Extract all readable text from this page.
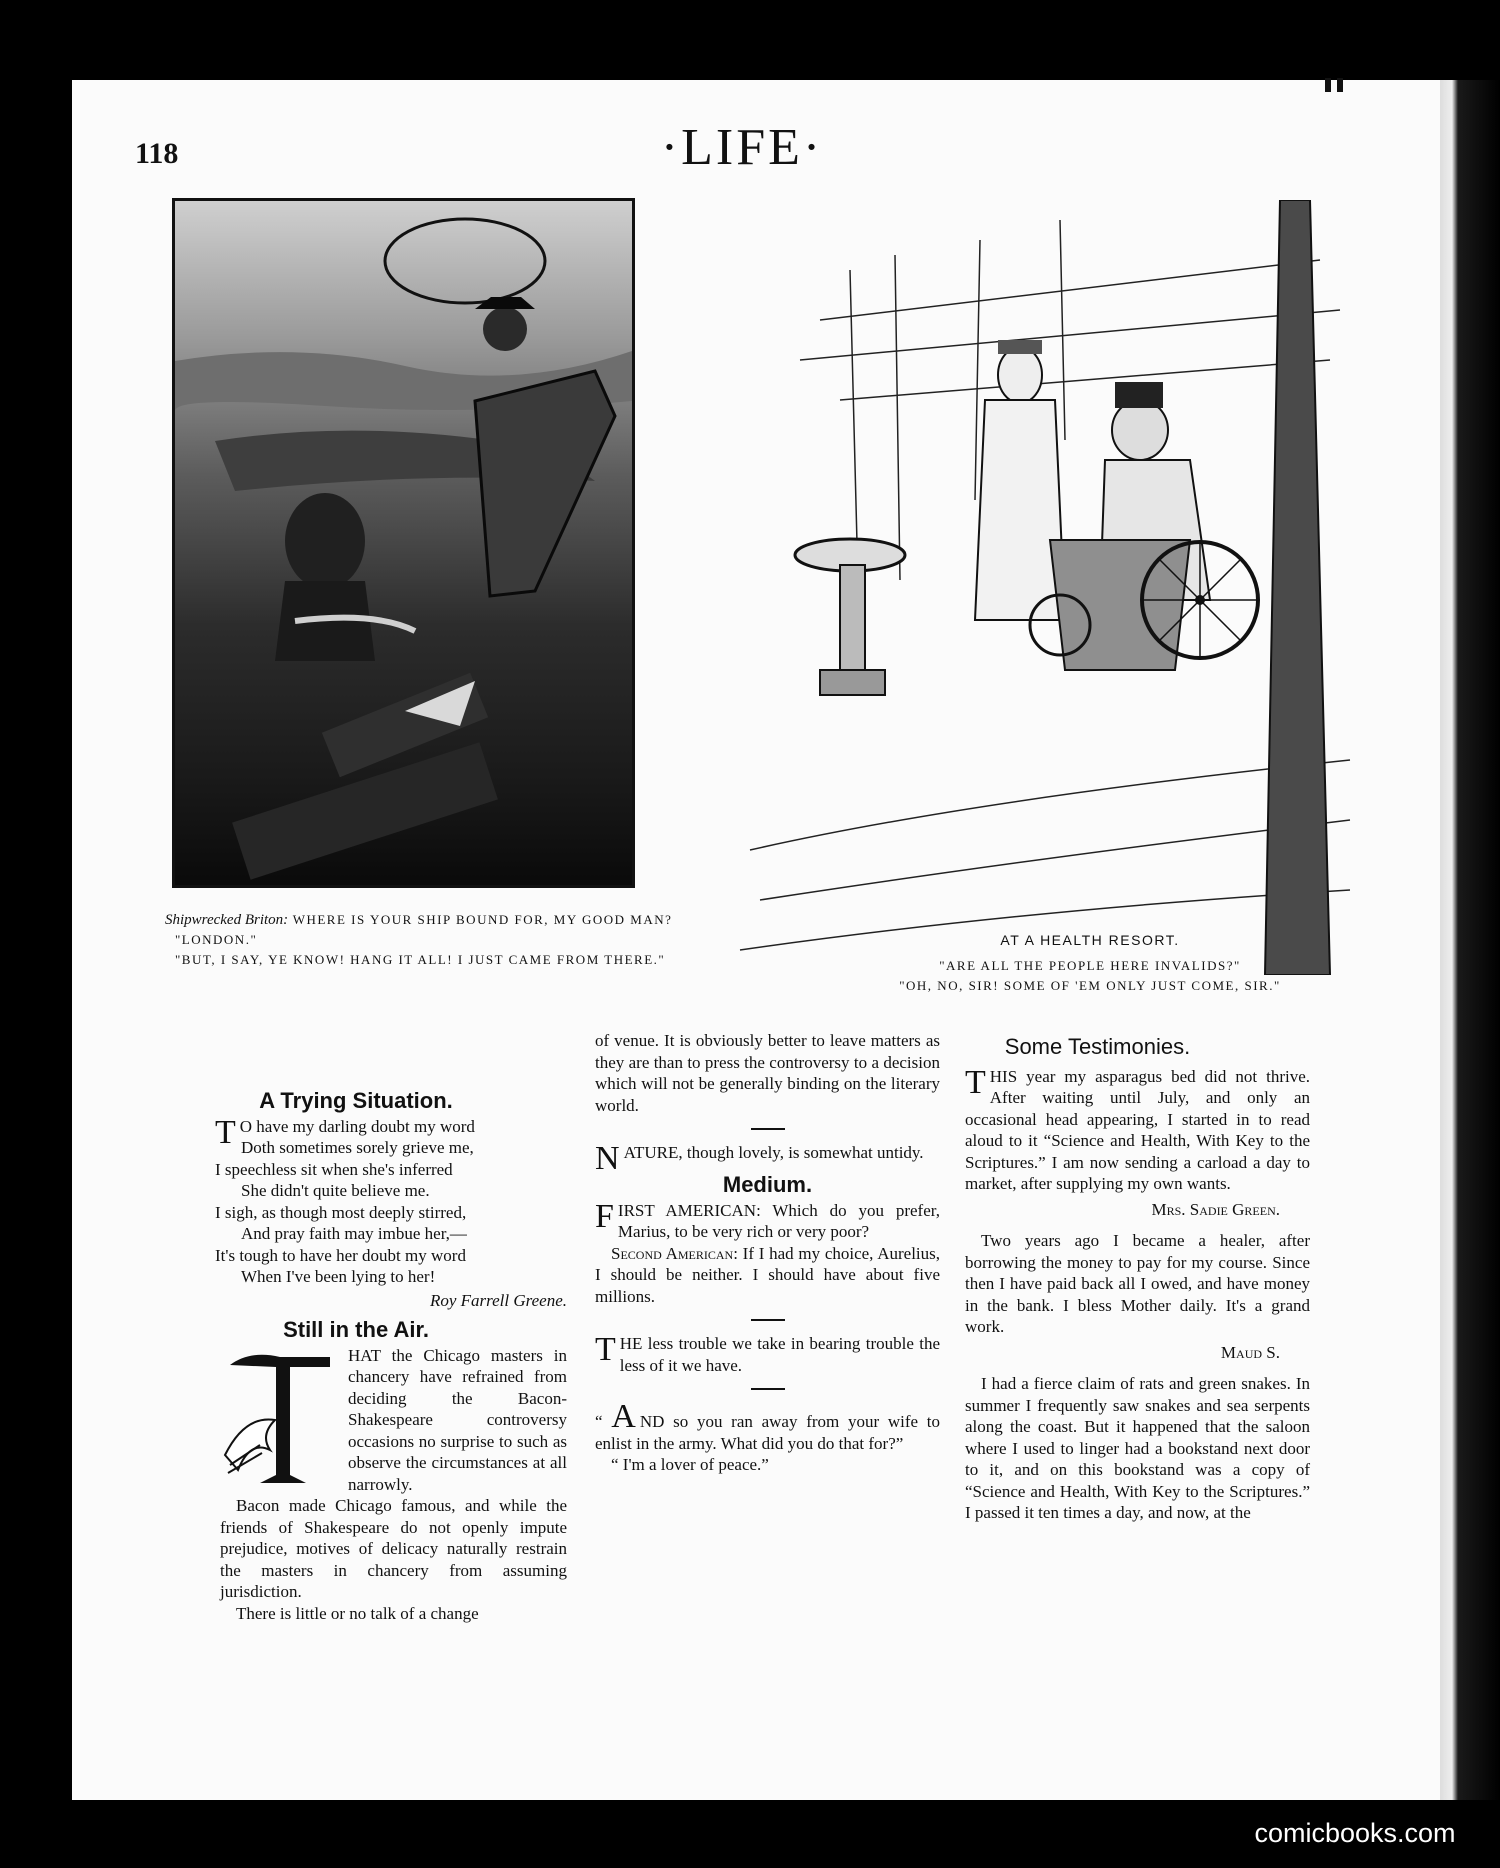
118	·LIFE·

Shipwrecked Briton: WHERE IS YOUR SHIP BOUND FOR, MY GOOD MAN?

"LONDON."

"BUT, I SAY, YE KNOW! HANG IT ALL! I JUST CAME FROM THERE."

AT A HEALTH RESORT.

"ARE ALL THE PEOPLE HERE INVALIDS?"

"OH, NO, SIR! SOME OF 'EM ONLY JUST COME, SIR."

A Trying Situation.

T O have my darling doubt my word

Doth sometimes sorely grieve me,

I speechless sit when she's inferred

She didn't quite believe me.

I sigh, as though most deeply stirred,

And pray faith may imbue her,—

It's tough to have her doubt my word

When I've been lying to her!

Roy Farrell Greene.

Still in the Air.

HAT the Chicago masters in chancery have refrained from deciding the Bacon-Shakespeare controversy occasions no surprise to such as observe the circumstances at all narrowly.

Bacon made Chicago famous, and while the friends of Shakespeare do not openly impute prejudice, motives of delicacy naturally restrain the masters in chancery from assuming jurisdiction.

There is little or no talk of a change

of venue. It is obviously better to leave matters as they are than to press the controversy to a decision which will not be generally binding on the literary world.

NATURE, though lovely, is somewhat untidy.

Medium.

FIRST AMERICAN: Which do you prefer, Marius, to be very rich or very poor?

Second American: If I had my choice, Aurelius, I should be neither. I should have about five millions.

THE less trouble we take in bearing trouble the less of it we have.

“ A ND so you ran away from your wife to enlist in the army. What did you do that for?”

“ I'm a lover of peace.”

Some Testimonies.

THIS year my asparagus bed did not thrive. After waiting until July, and only an occasional head appearing, I started in to read aloud to it “Science and Health, With Key to the Scriptures.” I am now sending a carload a day to market, after supplying my own wants.

Mrs. Sadie Green.

Two years ago I became a healer, after borrowing the money to pay for my course. Since then I have paid back all I owed, and have money in the bank. I bless Mother daily. It's a grand work.

Maud S.

I had a fierce claim of rats and green snakes. In summer I frequently saw snakes and sea serpents along the coast. But it happened that the saloon where I used to linger had a bookstand next door to it, and on this bookstand was a copy of “Science and Health, With Key to the Scriptures.” I passed it ten times a day, and now, at the

comicbooks.com
